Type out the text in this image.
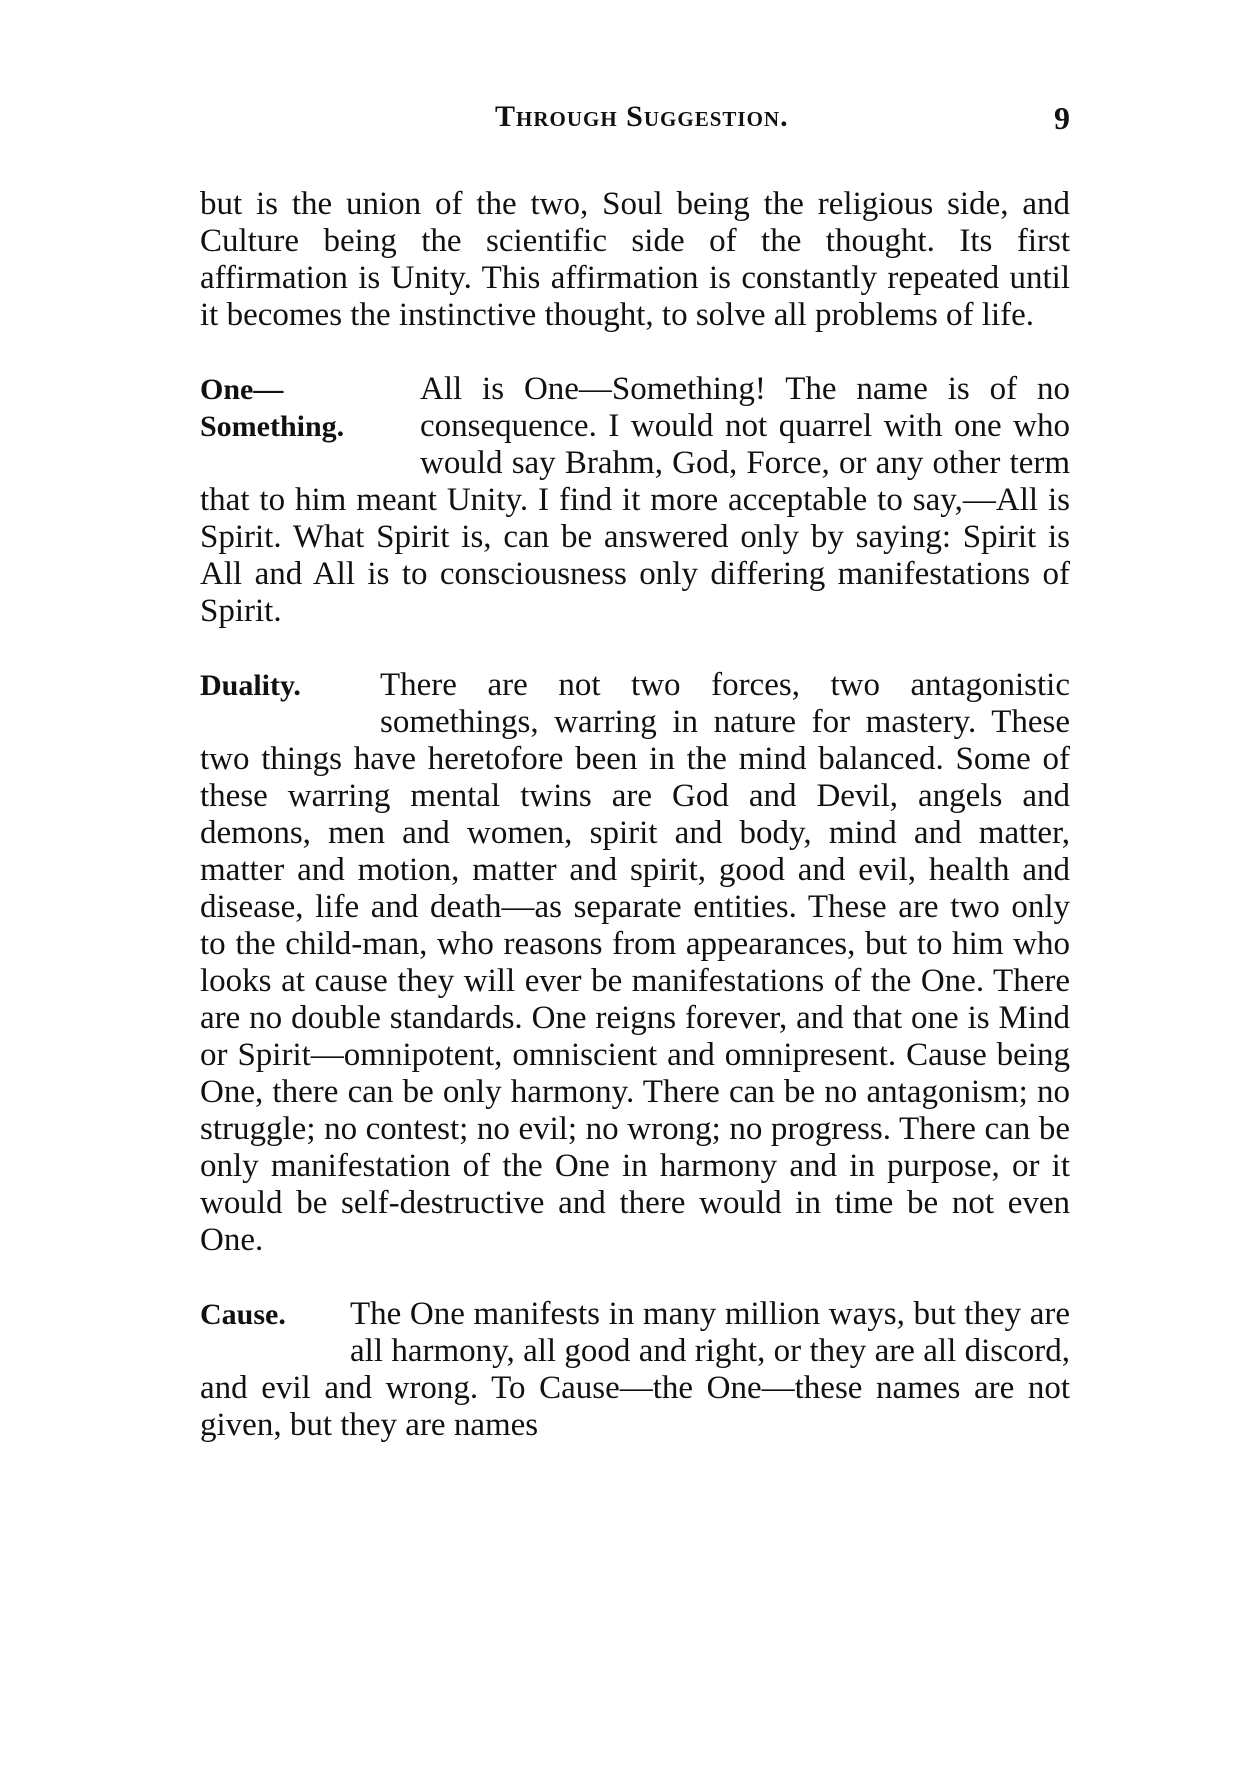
Through Suggestion.	9

but is the union of the two, Soul being the religious side, and Culture being the scientific side of the thought. Its first affirmation is Unity. This affirmation is constantly repeated until it becomes the instinctive thought, to solve all problems of life.

One—
Something.
All is One—Something! The name is of no consequence. I would not quarrel with one who would say Brahm, God, Force, or any other term that to him meant Unity. I find it more acceptable to say,—All is Spirit. What Spirit is, can be answered only by saying: Spirit is All and All is to consciousness only differing manifestations of Spirit.
Duality.	There are not two forces, two antagonistic somethings, warring in nature for mastery. These two things have heretofore been in the mind balanced. Some of these warring mental twins are God and Devil, angels and demons, men and women, spirit and body, mind and matter, matter and motion, matter and spirit, good and evil, health and disease, life and death—as separate entities. These are two only to the child-man, who reasons from appearances, but to him who looks at cause they will ever be manifestations of the One. There are no double standards. One reigns forever, and that one is Mind or Spirit—omnipotent, omniscient and omnipresent. Cause being One, there can be only harmony. There can be no antagonism; no struggle; no contest; no evil; no wrong; no progress. There can be only manifestation of the One in harmony and in purpose, or it would be self-destructive and there would in time be not even One.
Cause.	The One manifests in many million ways, but they are all harmony, all good and right, or they are all discord, and evil and wrong. To Cause—the One—these names are not given, but they are names
